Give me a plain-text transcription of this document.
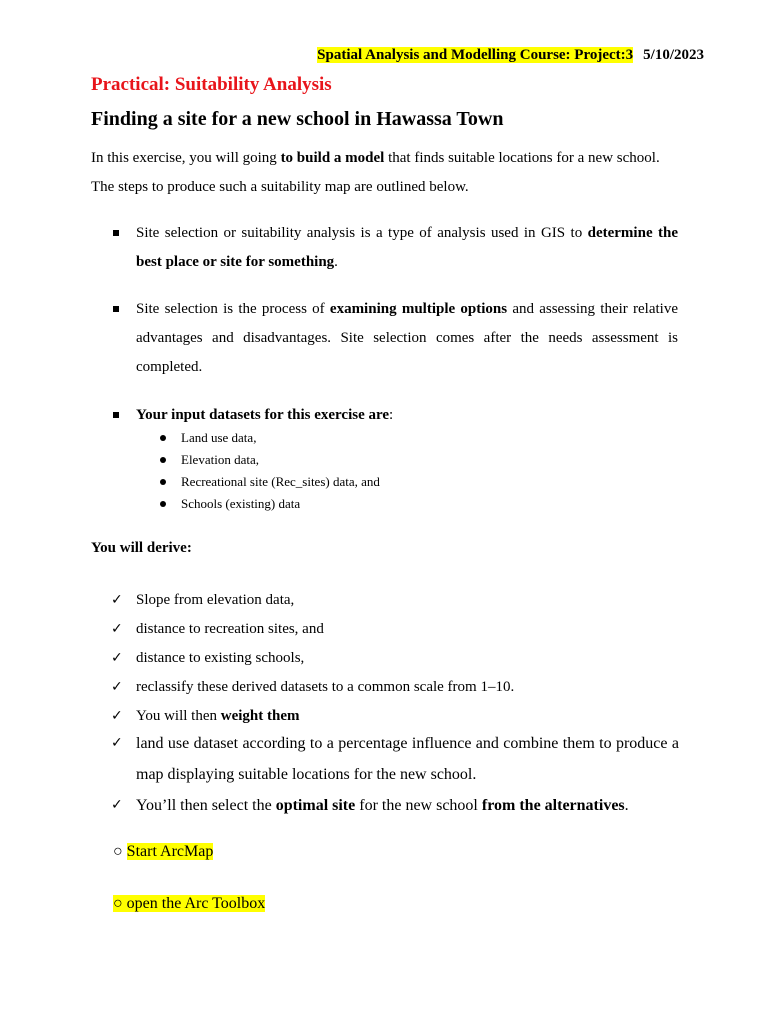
Spatial Analysis and Modelling Course: Project:3 5/10/2023
Practical: Suitability Analysis
Finding a site for a new school in Hawassa Town
In this exercise, you will going to build a model that finds suitable locations for a new school. The steps to produce such a suitability map are outlined below.
Site selection or suitability analysis is a type of analysis used in GIS to determine the best place or site for something.
Site selection is the process of examining multiple options and assessing their relative advantages and disadvantages. Site selection comes after the needs assessment is completed.
Your input datasets for this exercise are:
Land use data,
Elevation data,
Recreational site (Rec_sites) data, and
Schools (existing) data
You will derive:
✓ Slope from elevation data,
✓ distance to recreation sites, and
✓ distance to existing schools,
✓ reclassify these derived datasets to a common scale from 1–10.
✓ You will then weight them
✓ land use dataset according to a percentage influence and combine them to produce a map displaying suitable locations for the new school.
✓ You’ll then select the optimal site for the new school from the alternatives.
○ Start ArcMap
○ open the Arc Toolbox
